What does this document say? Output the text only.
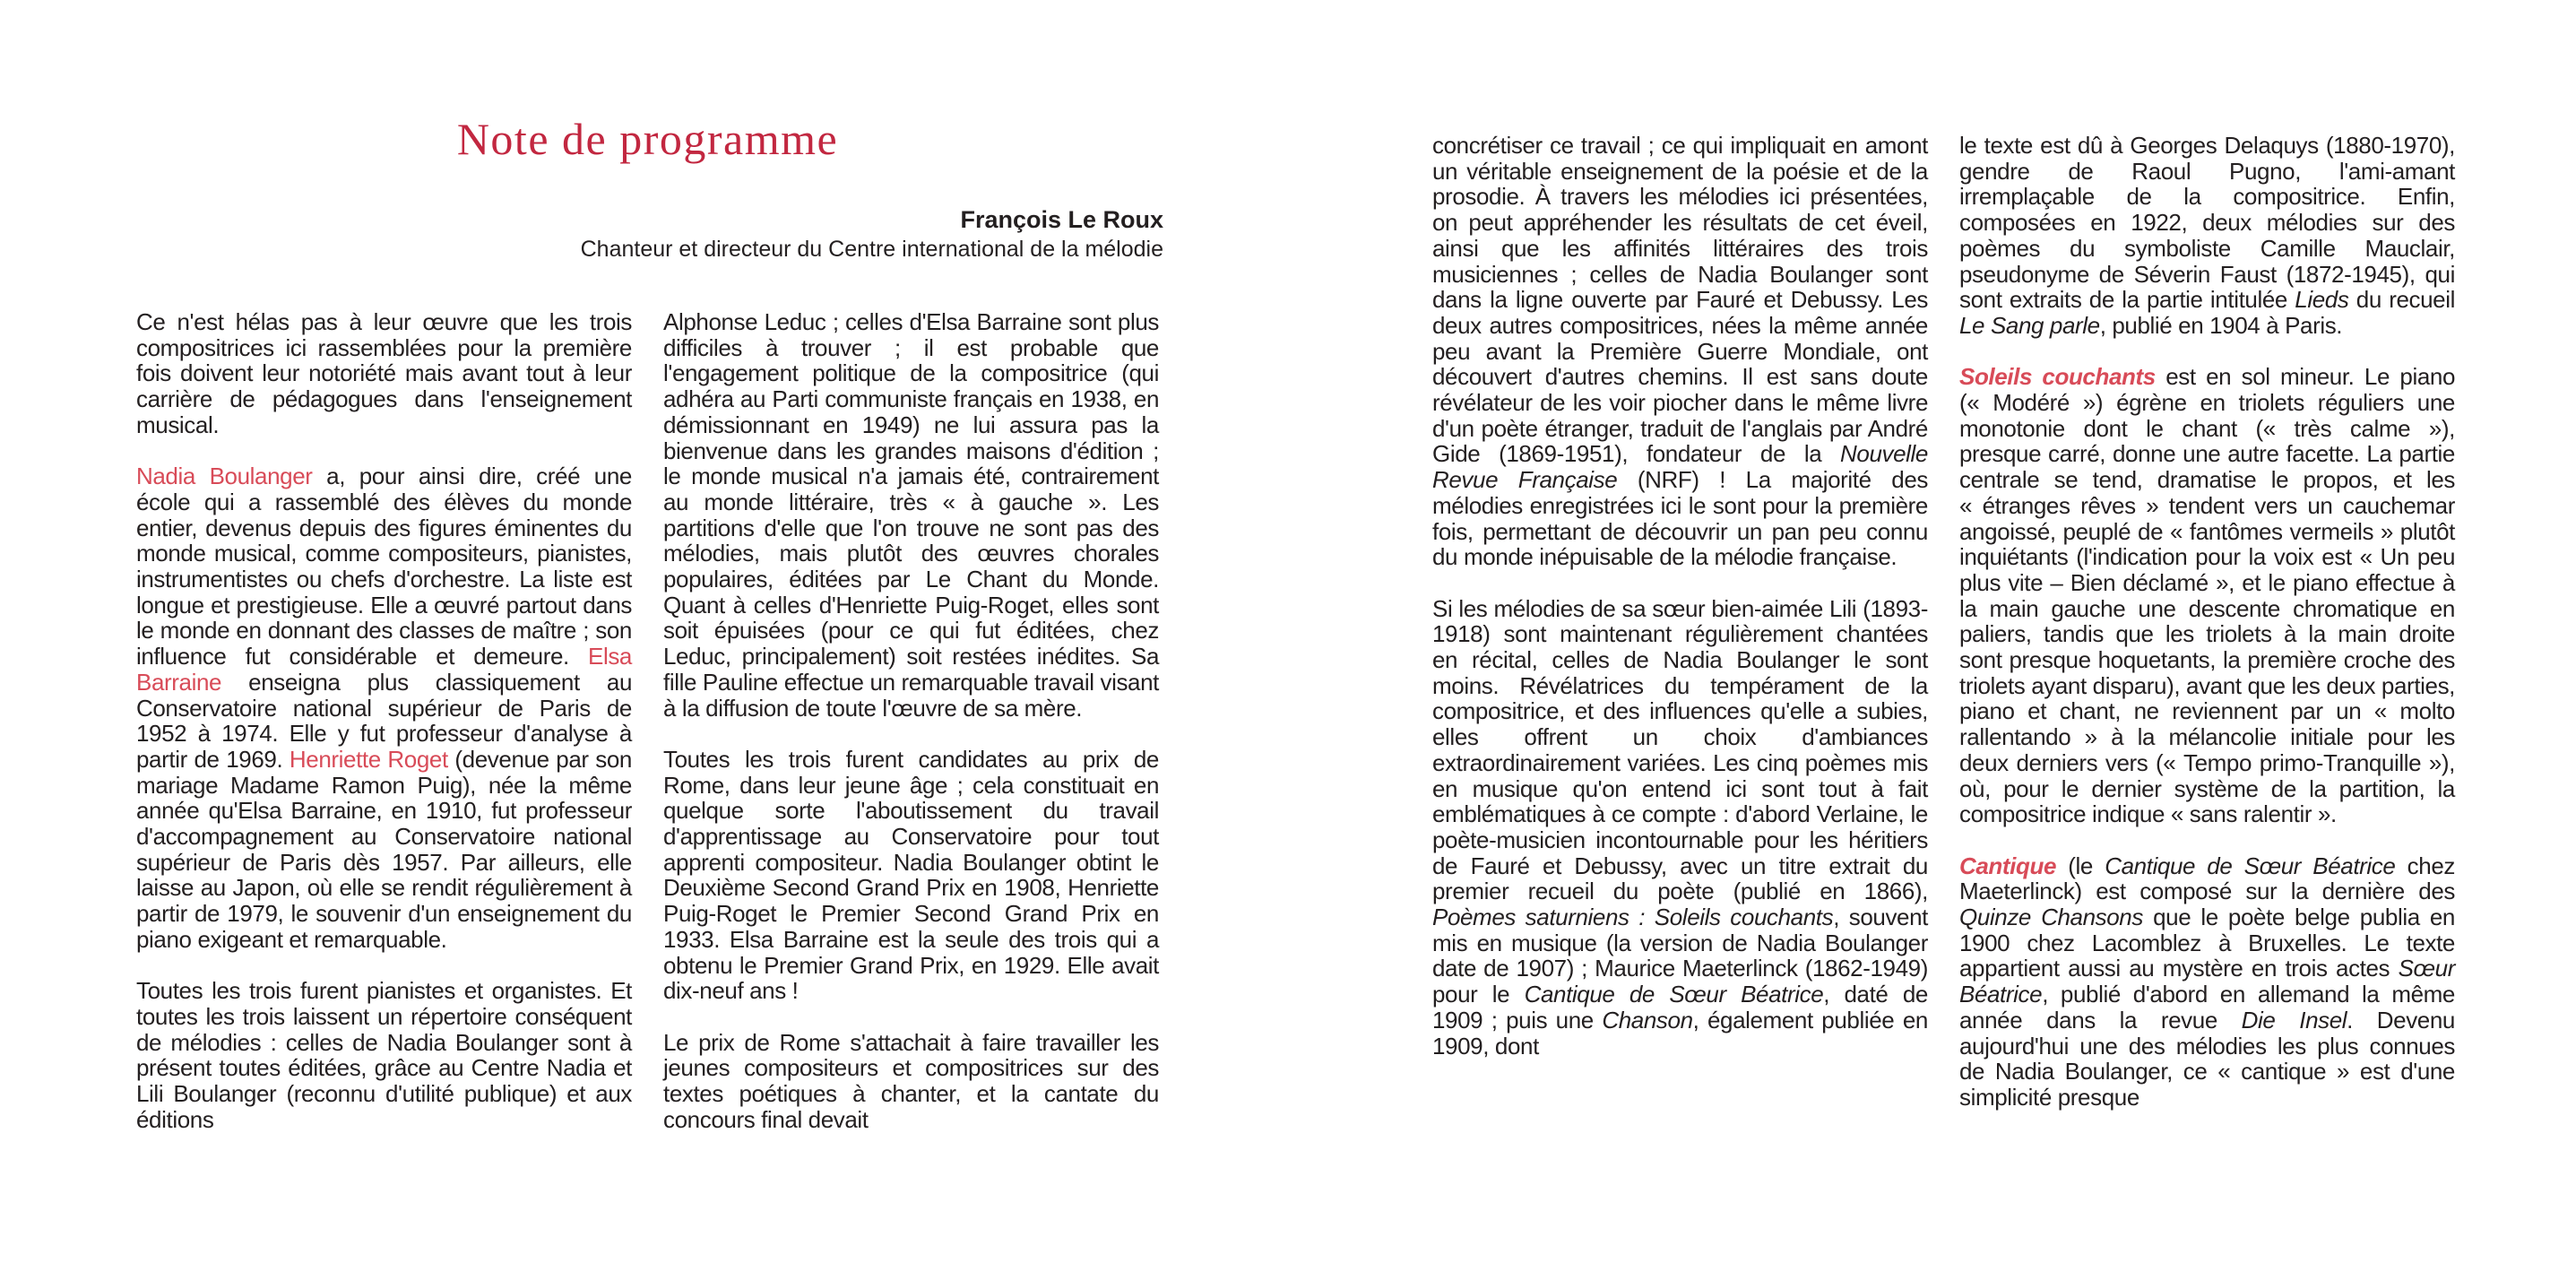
Note de programme
François Le Roux
Chanteur et directeur du Centre international de la mélodie

Ce n'est hélas pas à leur œuvre que les trois compositrices ici rassemblées pour la première fois doivent leur notoriété mais avant tout à leur carrière de pédagogues dans l'enseignement musical.

Nadia Boulanger a, pour ainsi dire, créé une école qui a rassemblé des élèves du monde entier, devenus depuis des figures éminentes du monde musical, comme compositeurs, pianistes, instrumentistes ou chefs d'orchestre. La liste est longue et prestigieuse. Elle a œuvré partout dans le monde en donnant des classes de maître ; son influence fut considérable et demeure. Elsa Barraine enseigna plus classiquement au Conservatoire national supérieur de Paris de 1952 à 1974. Elle y fut professeur d'analyse à partir de 1969. Henriette Roget (devenue par son mariage Madame Ramon Puig), née la même année qu'Elsa Barraine, en 1910, fut professeur d'accompagnement au Conservatoire national supérieur de Paris dès 1957. Par ailleurs, elle laisse au Japon, où elle se rendit régulièrement à partir de 1979, le souvenir d'un enseignement du piano exigeant et remarquable.

Toutes les trois furent pianistes et organistes. Et toutes les trois laissent un répertoire conséquent de mélodies : celles de Nadia Boulanger sont à présent toutes éditées, grâce au Centre Nadia et Lili Boulanger (reconnu d'utilité publique) et aux éditions

Alphonse Leduc ; celles d'Elsa Barraine sont plus difficiles à trouver ; il est probable que l'engagement politique de la compositrice (qui adhéra au Parti communiste français en 1938, en démissionnant en 1949) ne lui assura pas la bienvenue dans les grandes maisons d'édition ; le monde musical n'a jamais été, contrairement au monde littéraire, très « à gauche ». Les partitions d'elle que l'on trouve ne sont pas des mélodies, mais plutôt des œuvres chorales populaires, éditées par Le Chant du Monde. Quant à celles d'Henriette Puig-Roget, elles sont soit épuisées (pour ce qui fut éditées, chez Leduc, principalement) soit restées inédites. Sa fille Pauline effectue un remarquable travail visant à la diffusion de toute l'œuvre de sa mère.

Toutes les trois furent candidates au prix de Rome, dans leur jeune âge ; cela constituait en quelque sorte l'aboutissement du travail d'apprentissage au Conservatoire pour tout apprenti compositeur. Nadia Boulanger obtint le Deuxième Second Grand Prix en 1908, Henriette Puig-Roget le Premier Second Grand Prix en 1933. Elsa Barraine est la seule des trois qui a obtenu le Premier Grand Prix, en 1929. Elle avait dix-neuf ans !

Le prix de Rome s'attachait à faire travailler les jeunes compositeurs et compositrices sur des textes poétiques à chanter, et la cantate du concours final devait

concrétiser ce travail ; ce qui impliquait en amont un véritable enseignement de la poésie et de la prosodie. À travers les mélodies ici présentées, on peut appréhender les résultats de cet éveil, ainsi que les affinités littéraires des trois musiciennes ; celles de Nadia Boulanger sont dans la ligne ouverte par Fauré et Debussy. Les deux autres compositrices, nées la même année peu avant la Première Guerre Mondiale, ont découvert d'autres chemins. Il est sans doute révélateur de les voir piocher dans le même livre d'un poète étranger, traduit de l'anglais par André Gide (1869-1951), fondateur de la Nouvelle Revue Française (NRF) ! La majorité des mélodies enregistrées ici le sont pour la première fois, permettant de découvrir un pan peu connu du monde inépuisable de la mélodie française.

Si les mélodies de sa sœur bien-aimée Lili (1893-1918) sont maintenant régulièrement chantées en récital, celles de Nadia Boulanger le sont moins. Révélatrices du tempérament de la compositrice, et des influences qu'elle a subies, elles offrent un choix d'ambiances extraordinairement variées. Les cinq poèmes mis en musique qu'on entend ici sont tout à fait emblématiques à ce compte : d'abord Verlaine, le poète-musicien incontournable pour les héritiers de Fauré et Debussy, avec un titre extrait du premier recueil du poète (publié en 1866), Poèmes saturniens : Soleils couchants, souvent mis en musique (la version de Nadia Boulanger date de 1907) ; Maurice Maeterlinck (1862-1949) pour le Cantique de Sœur Béatrice, daté de 1909 ; puis une Chanson, également publiée en 1909, dont

le texte est dû à Georges Delaquys (1880-1970), gendre de Raoul Pugno, l'ami-amant irremplaçable de la compositrice. Enfin, composées en 1922, deux mélodies sur des poèmes du symboliste Camille Mauclair, pseudonyme de Séverin Faust (1872-1945), qui sont extraits de la partie intitulée Lieds du recueil Le Sang parle, publié en 1904 à Paris.

Soleils couchants est en sol mineur. Le piano (« Modéré ») égrène en triolets réguliers une monotonie dont le chant (« très calme »), presque carré, donne une autre facette. La partie centrale se tend, dramatise le propos, et les « étranges rêves » tendent vers un cauchemar angoissé, peuplé de « fantômes vermeils » plutôt inquiétants (l'indication pour la voix est « Un peu plus vite – Bien déclamé », et le piano effectue à la main gauche une descente chromatique en paliers, tandis que les triolets à la main droite sont presque hoquetants, la première croche des triolets ayant disparu), avant que les deux parties, piano et chant, ne reviennent par un « molto rallentando » à la mélancolie initiale pour les deux derniers vers (« Tempo primo-Tranquille »), où, pour le dernier système de la partition, la compositrice indique « sans ralentir ».

Cantique (le Cantique de Sœur Béatrice chez Maeterlinck) est composé sur la dernière des Quinze Chansons que le poète belge publia en 1900 chez Lacomblez à Bruxelles. Le texte appartient aussi au mystère en trois actes Sœur Béatrice, publié d'abord en allemand la même année dans la revue Die Insel. Devenu aujourd'hui une des mélodies les plus connues de Nadia Boulanger, ce « cantique » est d'une simplicité presque
